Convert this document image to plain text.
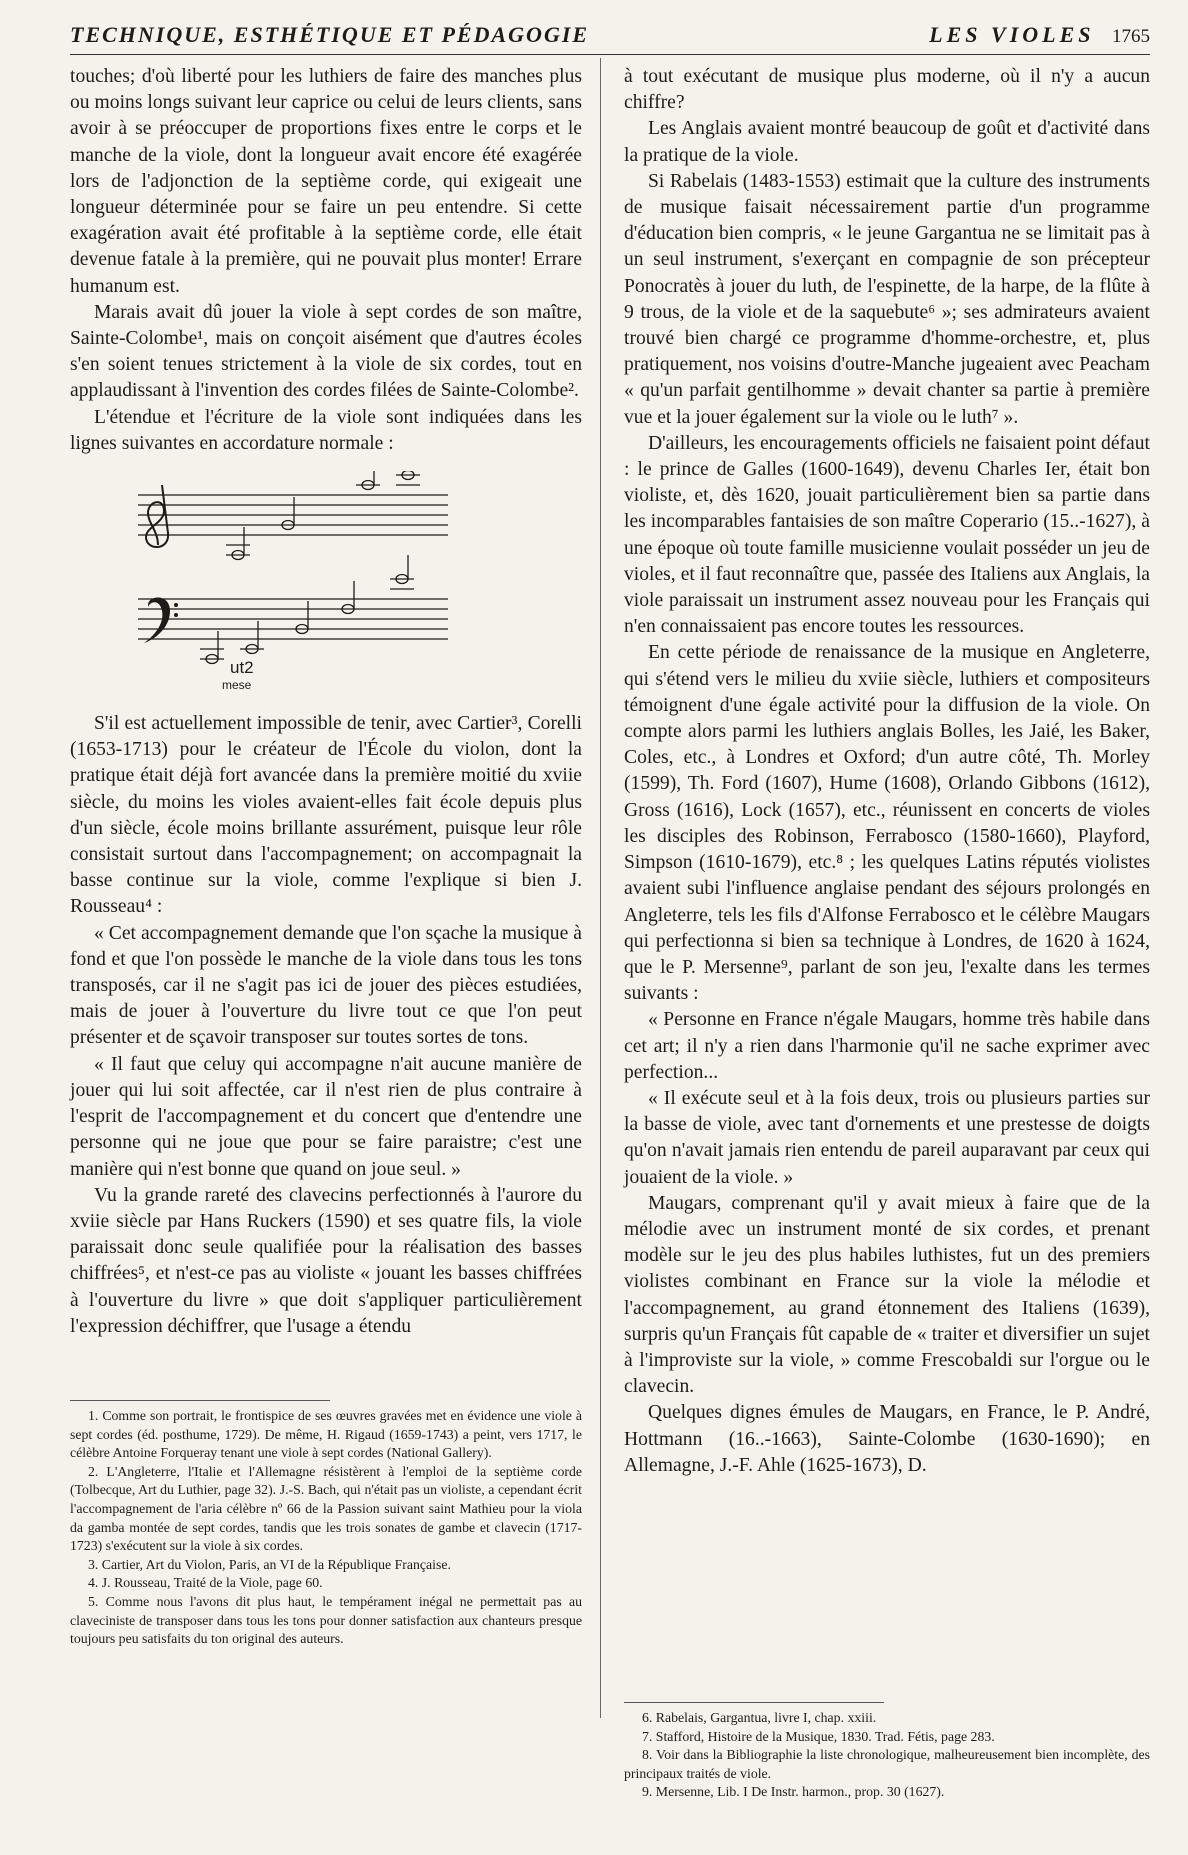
TECHNIQUE, ESTHÉTIQUE ET PÉDAGOGIE	LES VIOLES 1765

touches; d'où liberté pour les luthiers de faire des manches plus ou moins longs suivant leur caprice ou celui de leurs clients, sans avoir à se préoccuper de proportions fixes entre le corps et le manche de la viole, dont la longueur avait encore été exagérée lors de l'adjonction de la septième corde, qui exigeait une longueur déterminée pour se faire un peu entendre. Si cette exagération avait été profitable à la septième corde, elle était devenue fatale à la première, qui ne pouvait plus monter! Errare humanum est.

Marais avait dû jouer la viole à sept cordes de son maître, Sainte-Colombe¹, mais on conçoit aisément que d'autres écoles s'en soient tenues strictement à la viole de six cordes, tout en applaudissant à l'invention des cordes filées de Sainte-Colombe².

L'étendue et l'écriture de la viole sont indiquées dans les lignes suivantes en accordature normale :

ut2
mese

S'il est actuellement impossible de tenir, avec Cartier³, Corelli (1653-1713) pour le créateur de l'École du violon, dont la pratique était déjà fort avancée dans la première moitié du xviie siècle, du moins les violes avaient-elles fait école depuis plus d'un siècle, école moins brillante assurément, puisque leur rôle consistait surtout dans l'accompagnement; on accompagnait la basse continue sur la viole, comme l'explique si bien J. Rousseau⁴ :

« Cet accompagnement demande que l'on sçache la musique à fond et que l'on possède le manche de la viole dans tous les tons transposés, car il ne s'agit pas ici de jouer des pièces estudiées, mais de jouer à l'ouverture du livre tout ce que l'on peut présenter et de sçavoir transposer sur toutes sortes de tons.

« Il faut que celuy qui accompagne n'ait aucune manière de jouer qui lui soit affectée, car il n'est rien de plus contraire à l'esprit de l'accompagnement et du concert que d'entendre une personne qui ne joue que pour se faire paraistre; c'est une manière qui n'est bonne que quand on joue seul. »

Vu la grande rareté des clavecins perfectionnés à l'aurore du xviie siècle par Hans Ruckers (1590) et ses quatre fils, la viole paraissait donc seule qualifiée pour la réalisation des basses chiffrées⁵, et n'est-ce pas au violiste « jouant les basses chiffrées à l'ouverture du livre » que doit s'appliquer particulièrement l'expression déchiffrer, que l'usage a étendu

1. Comme son portrait, le frontispice de ses œuvres gravées met en évidence une viole à sept cordes (éd. posthume, 1729). De même, H. Rigaud (1659-1743) a peint, vers 1717, le célèbre Antoine Forqueray tenant une viole à sept cordes (National Gallery).

2. L'Angleterre, l'Italie et l'Allemagne résistèrent à l'emploi de la septième corde (Tolbecque, Art du Luthier, page 32). J.-S. Bach, qui n'était pas un violiste, a cependant écrit l'accompagnement de l'aria célèbre nº 66 de la Passion suivant saint Mathieu pour la viola da gamba montée de sept cordes, tandis que les trois sonates de gambe et clavecin (1717-1723) s'exécutent sur la viole à six cordes.

3. Cartier, Art du Violon, Paris, an VI de la République Française.

4. J. Rousseau, Traité de la Viole, page 60.

5. Comme nous l'avons dit plus haut, le tempérament inégal ne permettait pas au claveciniste de transposer dans tous les tons pour donner satisfaction aux chanteurs presque toujours peu satisfaits du ton original des auteurs.

à tout exécutant de musique plus moderne, où il n'y a aucun chiffre?

Les Anglais avaient montré beaucoup de goût et d'activité dans la pratique de la viole.

Si Rabelais (1483-1553) estimait que la culture des instruments de musique faisait nécessairement partie d'un programme d'éducation bien compris, « le jeune Gargantua ne se limitait pas à un seul instrument, s'exerçant en compagnie de son précepteur Ponocratès à jouer du luth, de l'espinette, de la harpe, de la flûte à 9 trous, de la viole et de la saquebute⁶ »; ses admirateurs avaient trouvé bien chargé ce programme d'homme-orchestre, et, plus pratiquement, nos voisins d'outre-Manche jugeaient avec Peacham « qu'un parfait gentilhomme » devait chanter sa partie à première vue et la jouer également sur la viole ou le luth⁷ ».

D'ailleurs, les encouragements officiels ne faisaient point défaut : le prince de Galles (1600-1649), devenu Charles Ier, était bon violiste, et, dès 1620, jouait particulièrement bien sa partie dans les incomparables fantaisies de son maître Coperario (15..-1627), à une époque où toute famille musicienne voulait posséder un jeu de violes, et il faut reconnaître que, passée des Italiens aux Anglais, la viole paraissait un instrument assez nouveau pour les Français qui n'en connaissaient pas encore toutes les ressources.

En cette période de renaissance de la musique en Angleterre, qui s'étend vers le milieu du xviie siècle, luthiers et compositeurs témoignent d'une égale activité pour la diffusion de la viole. On compte alors parmi les luthiers anglais Bolles, les Jaié, les Baker, Coles, etc., à Londres et Oxford; d'un autre côté, Th. Morley (1599), Th. Ford (1607), Hume (1608), Orlando Gibbons (1612), Gross (1616), Lock (1657), etc., réunissent en concerts de violes les disciples des Robinson, Ferrabosco (1580-1660), Playford, Simpson (1610-1679), etc.⁸ ; les quelques Latins réputés violistes avaient subi l'influence anglaise pendant des séjours prolongés en Angleterre, tels les fils d'Alfonse Ferrabosco et le célèbre Maugars qui perfectionna si bien sa technique à Londres, de 1620 à 1624, que le P. Mersenne⁹, parlant de son jeu, l'exalte dans les termes suivants :

« Personne en France n'égale Maugars, homme très habile dans cet art; il n'y a rien dans l'harmonie qu'il ne sache exprimer avec perfection...

« Il exécute seul et à la fois deux, trois ou plusieurs parties sur la basse de viole, avec tant d'ornements et une prestesse de doigts qu'on n'avait jamais rien entendu de pareil auparavant par ceux qui jouaient de la viole. »

Maugars, comprenant qu'il y avait mieux à faire que de la mélodie avec un instrument monté de six cordes, et prenant modèle sur le jeu des plus habiles luthistes, fut un des premiers violistes combinant en France sur la viole la mélodie et l'accompagnement, au grand étonnement des Italiens (1639), surpris qu'un Français fût capable de « traiter et diversifier un sujet à l'improviste sur la viole, » comme Frescobaldi sur l'orgue ou le clavecin.

Quelques dignes émules de Maugars, en France, le P. André, Hottmann (16..-1663), Sainte-Colombe (1630-1690); en Allemagne, J.-F. Ahle (1625-1673), D.

6. Rabelais, Gargantua, livre I, chap. xxiii.

7. Stafford, Histoire de la Musique, 1830. Trad. Fétis, page 283.

8. Voir dans la Bibliographie la liste chronologique, malheureusement bien incomplète, des principaux traités de viole.

9. Mersenne, Lib. I De Instr. harmon., prop. 30 (1627).
